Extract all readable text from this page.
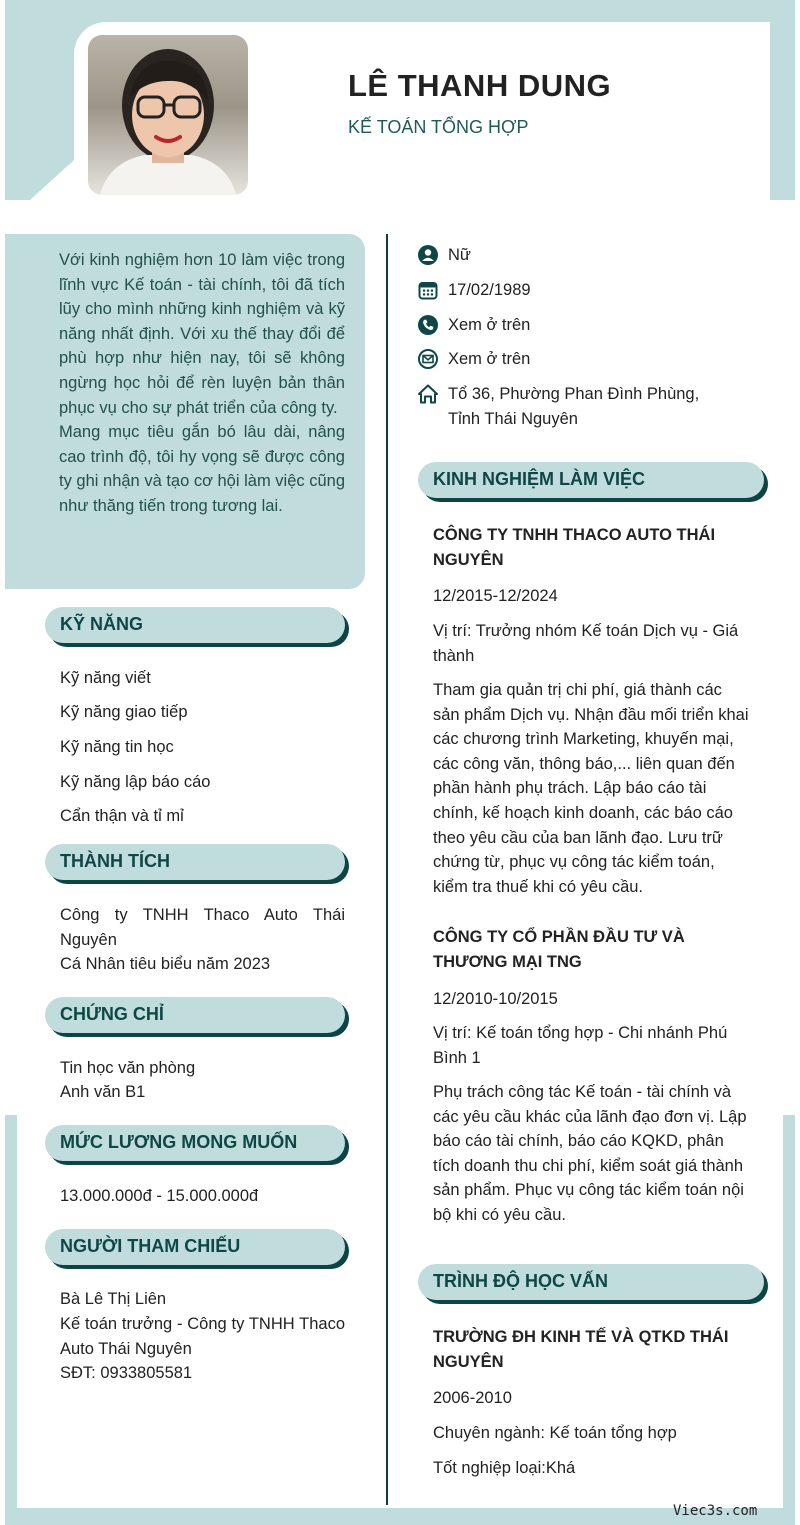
LÊ THANH DUNG
KẾ TOÁN TỔNG HỢP

Với kinh nghiệm hơn 10 làm việc trong lĩnh vực Kế toán - tài chính, tôi đã tích lũy cho mình những kinh nghiệm và kỹ năng nhất định. Với xu thế thay đổi để phù hợp như hiện nay, tôi sẽ không ngừng học hỏi để rèn luyện bản thân phục vụ cho sự phát triển của công ty.

Mang mục tiêu gắn bó lâu dài, nâng cao trình độ, tôi hy vọng sẽ được công ty ghi nhận và tạo cơ hội làm việc cũng như thăng tiến trong tương lai.

Nữ
17/02/1989
Xem ở trên
Xem ở trên
Tổ 36, Phường Phan Đình Phùng,
Tỉnh Thái Nguyên
KỸ NĂNG
Kỹ năng viết
Kỹ năng giao tiếp
Kỹ năng tin học
Kỹ năng lập báo cáo
Cẩn thận và tỉ mỉ
THÀNH TÍCH
Công ty TNHH Thaco Auto Thái Nguyên
Cá Nhân tiêu biểu năm 2023
CHỨNG CHỈ
Tin học văn phòng
Anh văn B1
MỨC LƯƠNG MONG MUỐN
13.000.000đ - 15.000.000đ
NGƯỜI THAM CHIẾU
Bà Lê Thị Liên
Kế toán trưởng - Công ty TNHH Thaco Auto Thái Nguyên
SĐT: 0933805581
KINH NGHIỆM LÀM VIỆC
CÔNG TY TNHH THACO AUTO THÁI NGUYÊN
12/2015-12/2024
Vị trí: Trưởng nhóm Kế toán Dịch vụ - Giá thành
Tham gia quản trị chi phí, giá thành các sản phẩm Dịch vụ. Nhận đầu mối triển khai các chương trình Marketing, khuyến mại, các công văn, thông báo,... liên quan đến phần hành phụ trách. Lập báo cáo tài chính, kế hoạch kinh doanh, các báo cáo theo yêu cầu của ban lãnh đạo. Lưu trữ chứng từ, phục vụ công tác kiểm toán, kiểm tra thuế khi có yêu cầu.
CÔNG TY CỔ PHẦN ĐẦU TƯ VÀ THƯƠNG MẠI TNG
12/2010-10/2015
Vị trí: Kế toán tổng hợp - Chi nhánh Phú Bình 1
Phụ trách công tác Kế toán - tài chính và các yêu cầu khác của lãnh đạo đơn vị. Lập báo cáo tài chính, báo cáo KQKD, phân tích doanh thu chi phí, kiểm soát giá thành sản phẩm. Phục vụ công tác kiểm toán nội bộ khi có yêu cầu.
TRÌNH ĐỘ HỌC VẤN
TRƯỜNG ĐH KINH TẾ VÀ QTKD THÁI NGUYÊN
2006-2010
Chuyên ngành: Kế toán tổng hợp
Tốt nghiệp loại:Khá
Viec3s.com
